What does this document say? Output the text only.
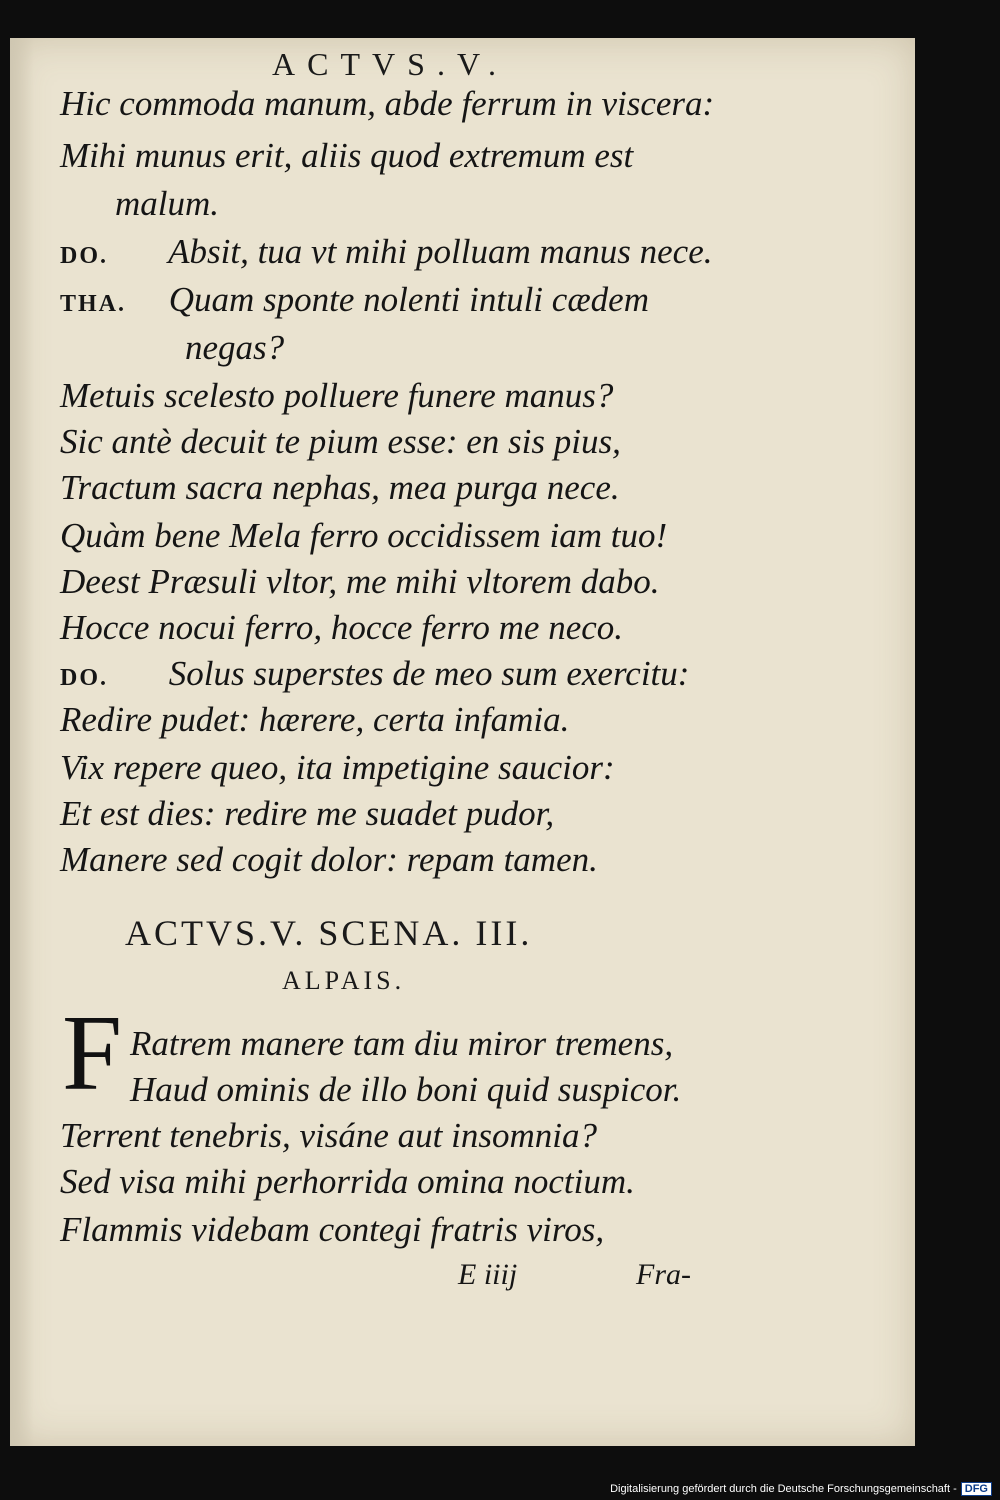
ACTVS.V.
Hic commoda manum, abde ferrum in viscera:
Mihi munus erit, aliis quod extremum est
malum.
DO. Absit, tua vt mihi polluam manus nece.
THA. Quam sponte nolenti intuli cædem
negas?
Metuis scelesto polluere funere manus?
Sic antè decuit te pium esse: en sis pius,
Tractum sacra nephas, mea purga nece.
Quàm bene Mela ferro occidissem iam tuo!
Deest Præsuli vltor, me mihi vltorem dabo.
Hocce nocui ferro, hocce ferro me neco.
DO. Solus superstes de meo sum exercitu:
Redire pudet: hærere, certa infamia.
Vix repere queo, ita impetigine saucior:
Et est dies: redire me suadet pudor,
Manere sed cogit dolor: repam tamen.
ACTVS.V. SCENA. III.
ALPAIS.
F Ratrem manere tam diu miror tremens,
Haud ominis de illo boni quid suspicor.
Terrent tenebris, visáne aut insomnia?
Sed visa mihi perhorrida omina noctium.
Flammis videbam contegi fratris viros,
E iiij	Fra-
Digitalisierung gefördert durch die Deutsche Forschungsgemeinschaft - DFG
